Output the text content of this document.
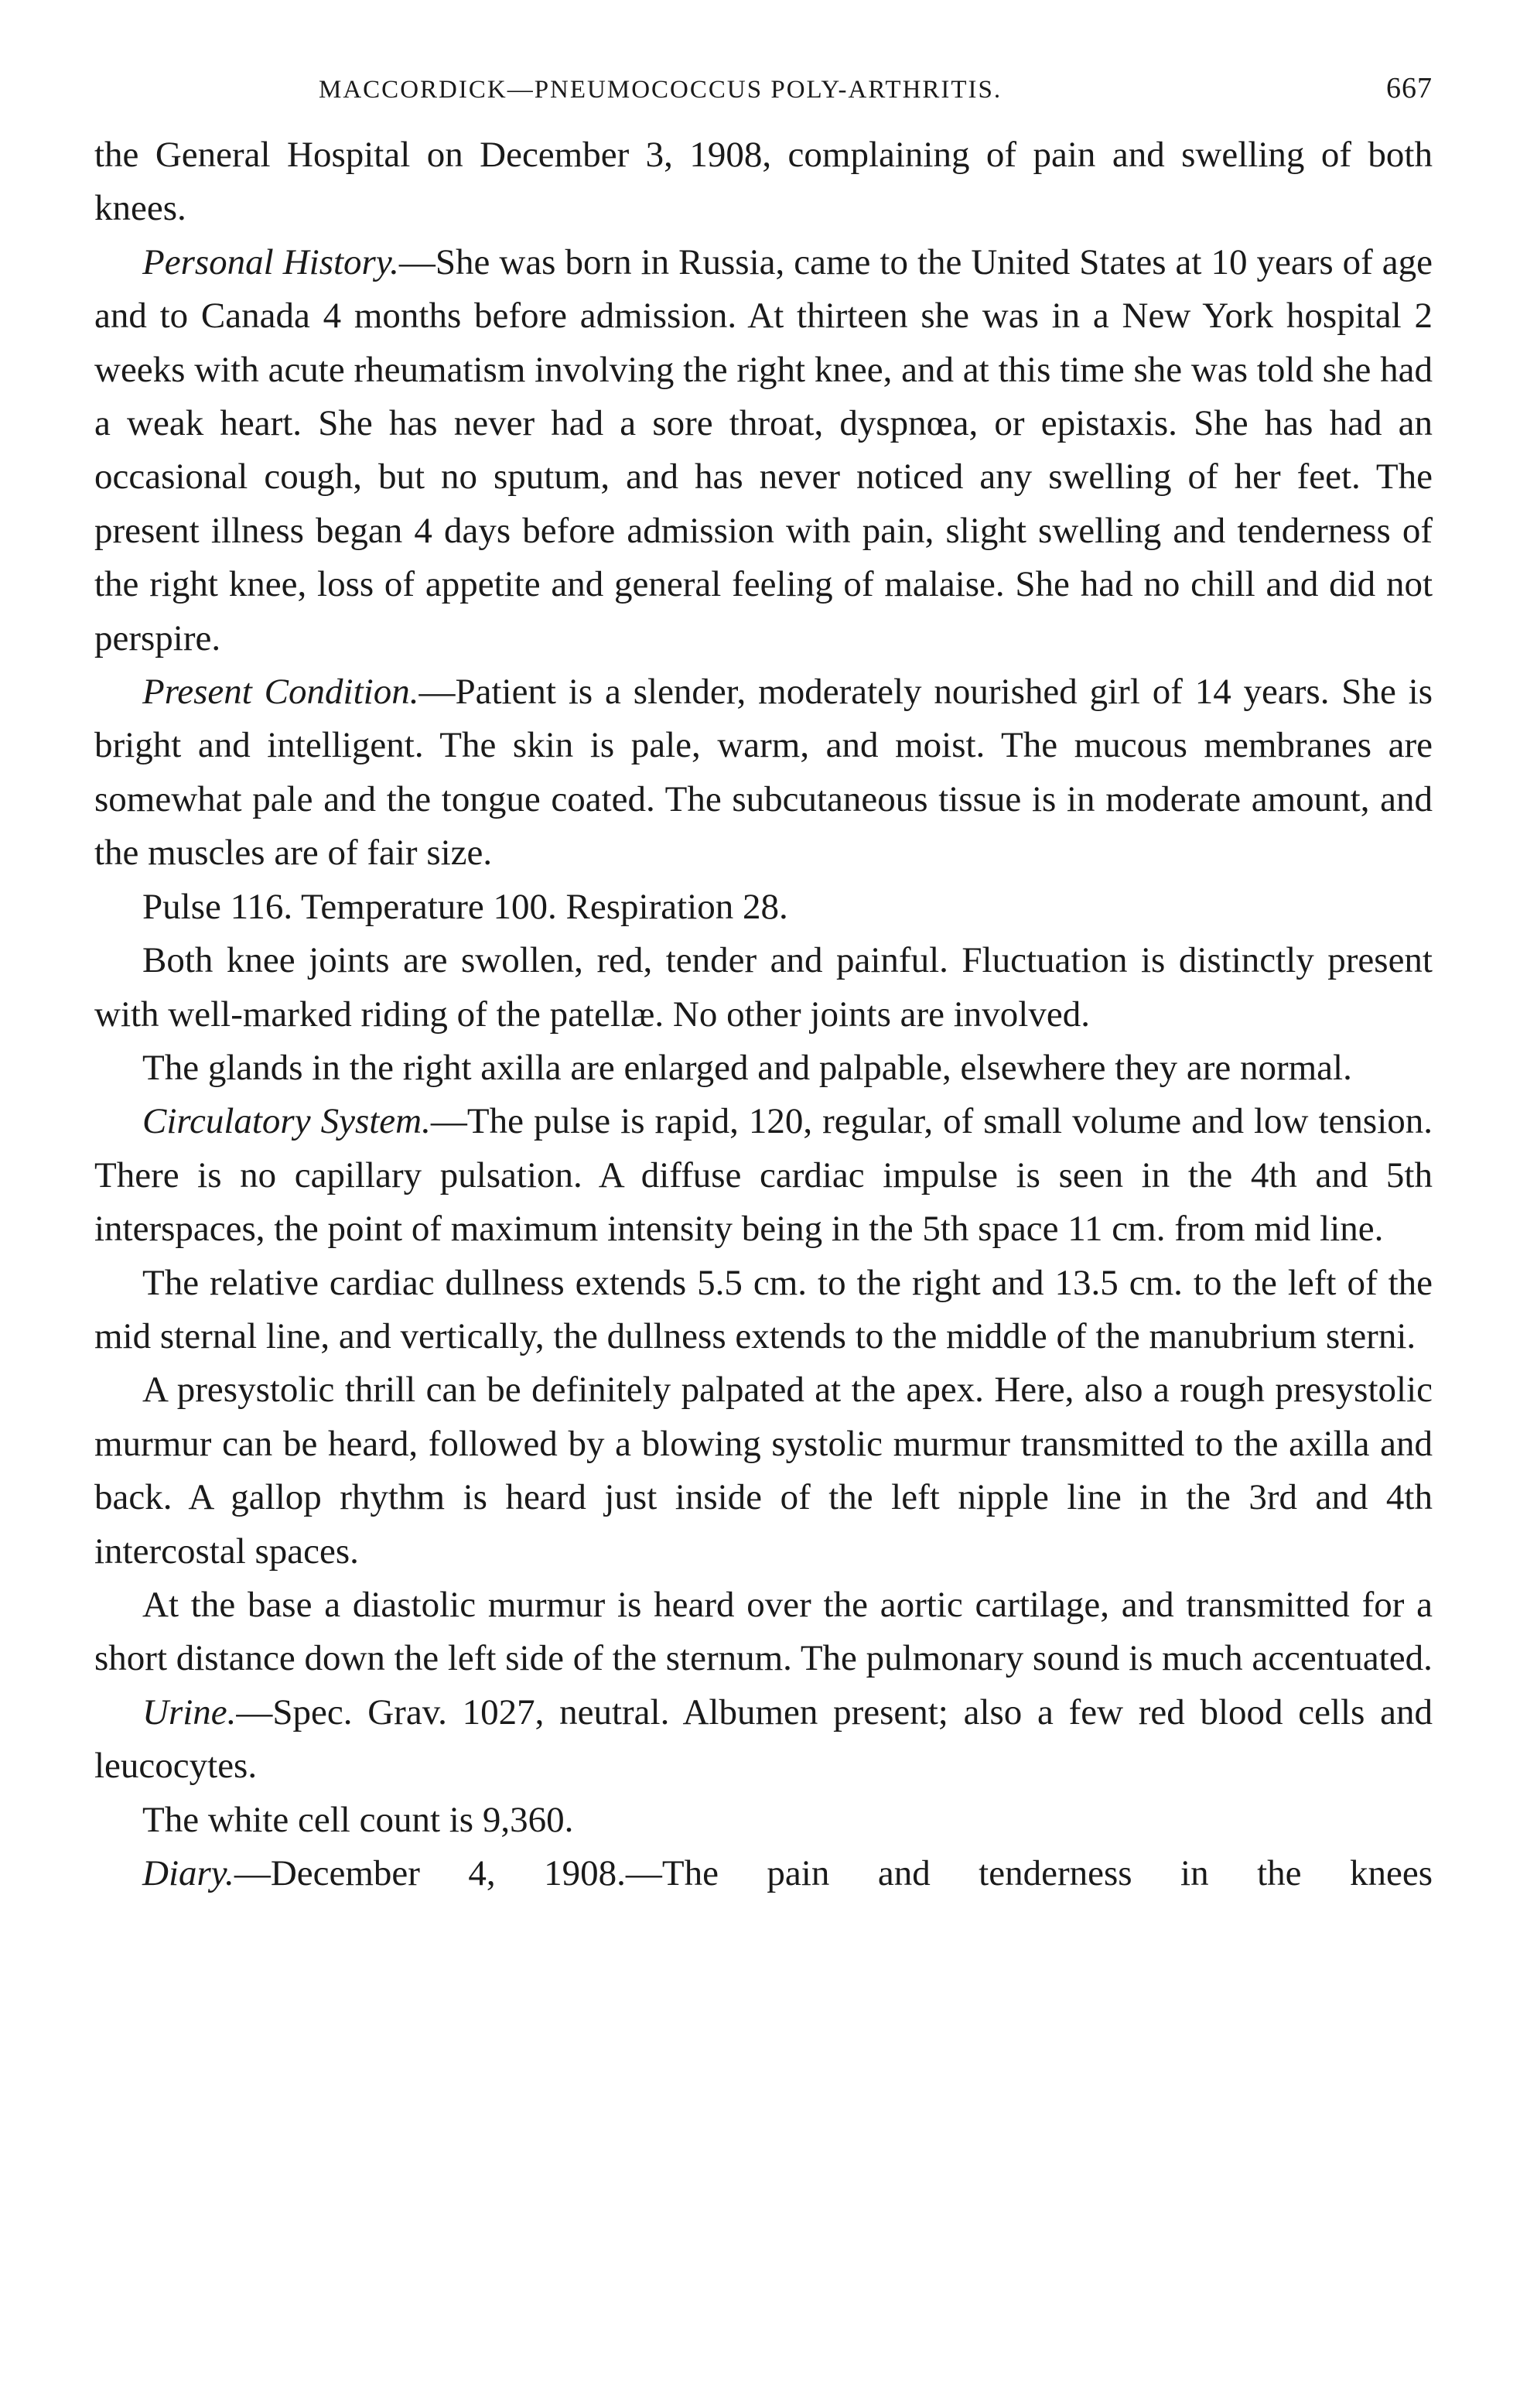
MACCORDICK—PNEUMOCOCCUS POLY-ARTHRITIS.	667

the General Hospital on December 3, 1908, complaining of pain and swelling of both knees.

Personal History.—She was born in Russia, came to the United States at 10 years of age and to Canada 4 months before admission. At thirteen she was in a New York hospital 2 weeks with acute rheumatism involving the right knee, and at this time she was told she had a weak heart. She has never had a sore throat, dyspnœa, or epistaxis. She has had an occasional cough, but no sputum, and has never noticed any swelling of her feet. The present illness began 4 days before admission with pain, slight swelling and tenderness of the right knee, loss of appetite and general feeling of malaise. She had no chill and did not perspire.

Present Condition.—Patient is a slender, moderately nourished girl of 14 years. She is bright and intelligent. The skin is pale, warm, and moist. The mucous membranes are somewhat pale and the tongue coated. The subcutaneous tissue is in moderate amount, and the muscles are of fair size.

Pulse 116. Temperature 100. Respiration 28.

Both knee joints are swollen, red, tender and painful. Fluctuation is distinctly present with well-marked riding of the patellæ. No other joints are involved.

The glands in the right axilla are enlarged and palpable, elsewhere they are normal.

Circulatory System.—The pulse is rapid, 120, regular, of small volume and low tension. There is no capillary pulsation. A diffuse cardiac impulse is seen in the 4th and 5th interspaces, the point of maximum intensity being in the 5th space 11 cm. from mid line.

The relative cardiac dullness extends 5.5 cm. to the right and 13.5 cm. to the left of the mid sternal line, and vertically, the dullness extends to the middle of the manubrium sterni.

A presystolic thrill can be definitely palpated at the apex. Here, also a rough presystolic murmur can be heard, followed by a blowing systolic murmur transmitted to the axilla and back. A gallop rhythm is heard just inside of the left nipple line in the 3rd and 4th intercostal spaces.

At the base a diastolic murmur is heard over the aortic cartilage, and transmitted for a short distance down the left side of the sternum. The pulmonary sound is much accentuated.

Urine.—Spec. Grav. 1027, neutral. Albumen present; also a few red blood cells and leucocytes.

The white cell count is 9,360.

Diary.—December 4, 1908.—The pain and tenderness in the knees
